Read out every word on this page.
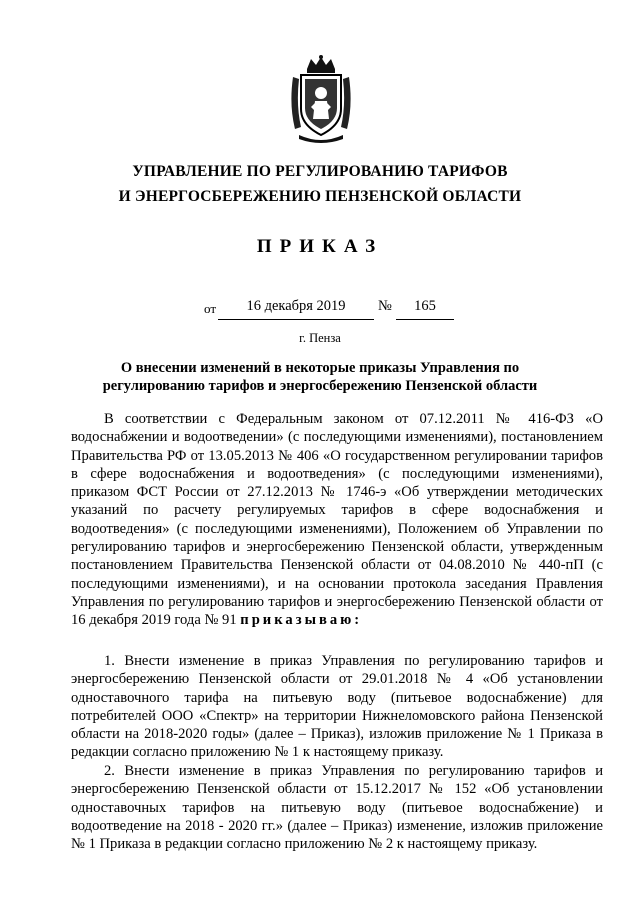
УПРАВЛЕНИЕ ПО РЕГУЛИРОВАНИЮ ТАРИФОВ
И ЭНЕРГОСБЕРЕЖЕНИЮ ПЕНЗЕНСКОЙ ОБЛАСТИ
ПРИКАЗ
от	16 декабря 2019	№	165
г. Пенза
О внесении изменений в некоторые приказы Управления по регулированию тарифов и энергосбережению Пензенской области

В соответствии с Федеральным законом от 07.12.2011 № 416-ФЗ «О водоснабжении и водоотведении» (с последующими изменениями), постановлением Правительства РФ от 13.05.2013 № 406 «О государственном регулировании тарифов в сфере водоснабжения и водоотведения» (с последующими изменениями), приказом ФСТ России от 27.12.2013 № 1746-э «Об утверждении методических указаний по расчету регулируемых тарифов в сфере водоснабжения и водоотведения» (с последующими изменениями), Положением об Управлении по регулированию тарифов и энергосбережению Пензенской области, утвержденным постановлением Правительства Пензенской области от 04.08.2010 № 440-пП (с последующими изменениями), и на основании протокола заседания Правления Управления по регулированию тарифов и энергосбережению Пензенской области от 16 декабря 2019 года № 91 приказываю:

1. Внести изменение в приказ Управления по регулированию тарифов и энергосбережению Пензенской области от 29.01.2018 № 4 «Об установлении одноставочного тарифа на питьевую воду (питьевое водоснабжение) для потребителей ООО «Спектр» на территории Нижнеломовского района Пензенской области на 2018-2020 годы» (далее – Приказ), изложив приложение № 1 Приказа в редакции согласно приложению № 1 к настоящему приказу.

2. Внести изменение в приказ Управления по регулированию тарифов и энергосбережению Пензенской области от 15.12.2017 № 152 «Об установлении одноставочных тарифов на питьевую воду (питьевое водоснабжение) и водоотведение на 2018 - 2020 гг.» (далее – Приказ) изменение, изложив приложение № 1 Приказа в редакции согласно приложению № 2 к настоящему приказу.
